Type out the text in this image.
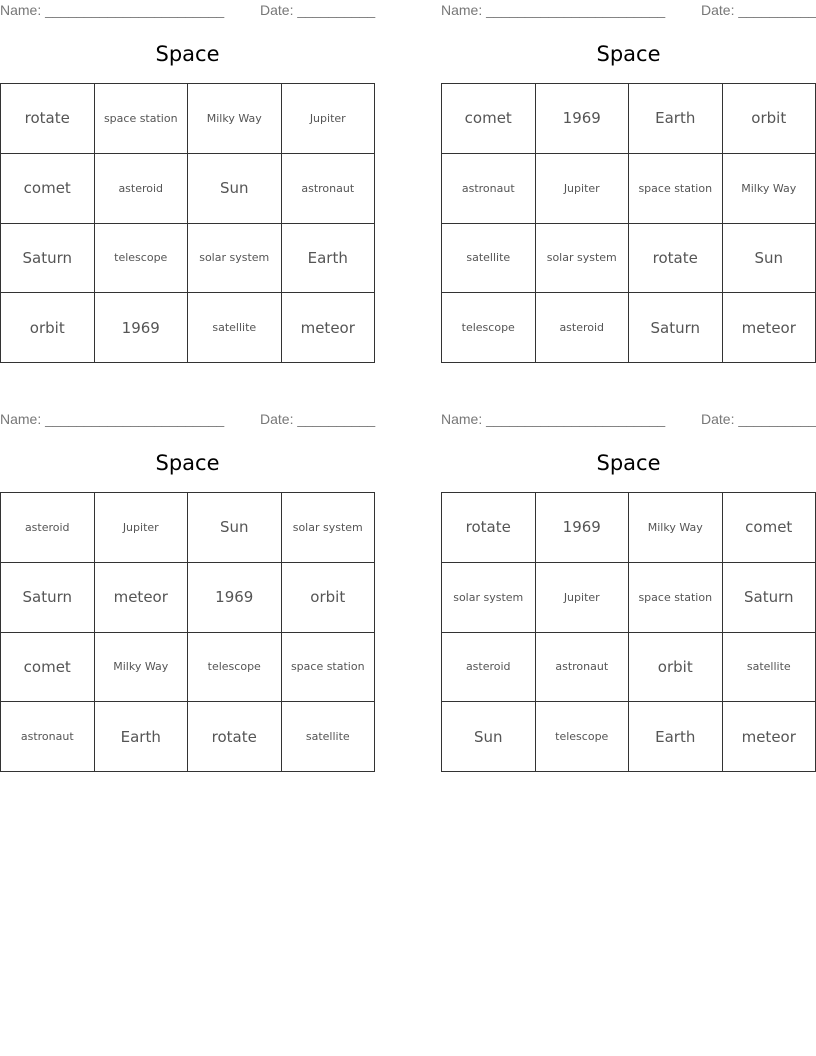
Name: _______________________	Date: __________
Space
rotate	space station	Milky Way	Jupiter
comet	asteroid	Sun	astronaut
Saturn	telescope	solar system	Earth
orbit	1969	satellite	meteor
Name: _______________________	Date: __________
Space
comet	1969	Earth	orbit
astronaut	Jupiter	space station	Milky Way
satellite	solar system	rotate	Sun
telescope	asteroid	Saturn	meteor
Name: _______________________	Date: __________
Space
asteroid	Jupiter	Sun	solar system
Saturn	meteor	1969	orbit
comet	Milky Way	telescope	space station
astronaut	Earth	rotate	satellite
Name: _______________________	Date: __________
Space
rotate	1969	Milky Way	comet
solar system	Jupiter	space station	Saturn
asteroid	astronaut	orbit	satellite
Sun	telescope	Earth	meteor
